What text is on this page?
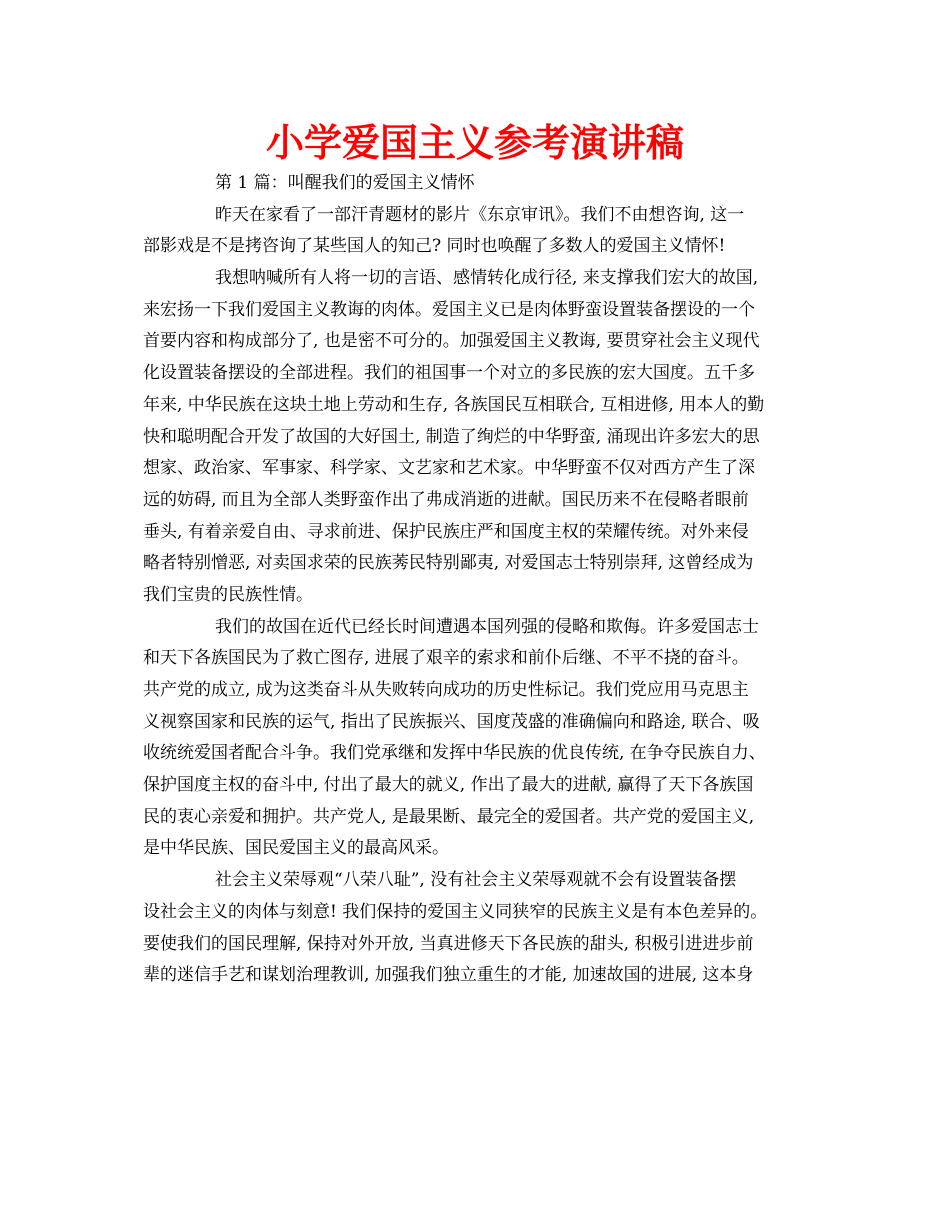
小学爱国主义参考演讲稿
第 1 篇：叫醒我们的爱国主义情怀
昨天在家看了一部汗青题材的影片《东京审讯》。我们不由想咨询, 这一
部影戏是不是拷咨询了某些国人的知己? 同时也唤醒了多数人的爱国主义情怀!
我想呐喊所有人将一切的言语、感情转化成行径, 来支撑我们宏大的故国,
来宏扬一下我们爱国主义教诲的肉体。爱国主义已是肉体野蛮设置装备摆设的一个
首要内容和构成部分了, 也是密不可分的。加强爱国主义教诲, 要贯穿社会主义现代
化设置装备摆设的全部进程。我们的祖国事一个对立的多民族的宏大国度。五千多
年来, 中华民族在这块土地上劳动和生存, 各族国民互相联合, 互相进修, 用本人的勤
快和聪明配合开发了故国的大好国土, 制造了绚烂的中华野蛮, 涌现出许多宏大的思
想家、政治家、军事家、科学家、文艺家和艺术家。中华野蛮不仅对西方产生了深
远的妨碍, 而且为全部人类野蛮作出了弗成消逝的进献。国民历来不在侵略者眼前
垂头, 有着亲爱自由、寻求前进、保护民族庄严和国度主权的荣耀传统。对外来侵
略者特别憎恶, 对卖国求荣的民族莠民特别鄙夷, 对爱国志士特别崇拜, 这曾经成为
我们宝贵的民族性情。
我们的故国在近代已经长时间遭遇本国列强的侵略和欺侮。许多爱国志士
和天下各族国民为了救亡图存, 进展了艰辛的索求和前仆后继、不平不挠的奋斗。
共产党的成立, 成为这类奋斗从失败转向成功的历史性标记。我们党应用马克思主
义视察国家和民族的运气, 指出了民族振兴、国度茂盛的准确偏向和路途, 联合、吸
收统统爱国者配合斗争。我们党承继和发挥中华民族的优良传统, 在争夺民族自力、
保护国度主权的奋斗中, 付出了最大的就义, 作出了最大的进献, 赢得了天下各族国
民的衷心亲爱和拥护。共产党人, 是最果断、最完全的爱国者。共产党的爱国主义,
是中华民族、国民爱国主义的最高风采。
社会主义荣辱观“八荣八耻”, 没有社会主义荣辱观就不会有设置装备摆
设社会主义的肉体与刻意! 我们保持的爱国主义同狭窄的民族主义是有本色差异的。
要使我们的国民理解, 保持对外开放, 当真进修天下各民族的甜头, 积极引进进步前
辈的迷信手艺和谋划治理教训, 加强我们独立重生的才能, 加速故国的进展, 这本身
